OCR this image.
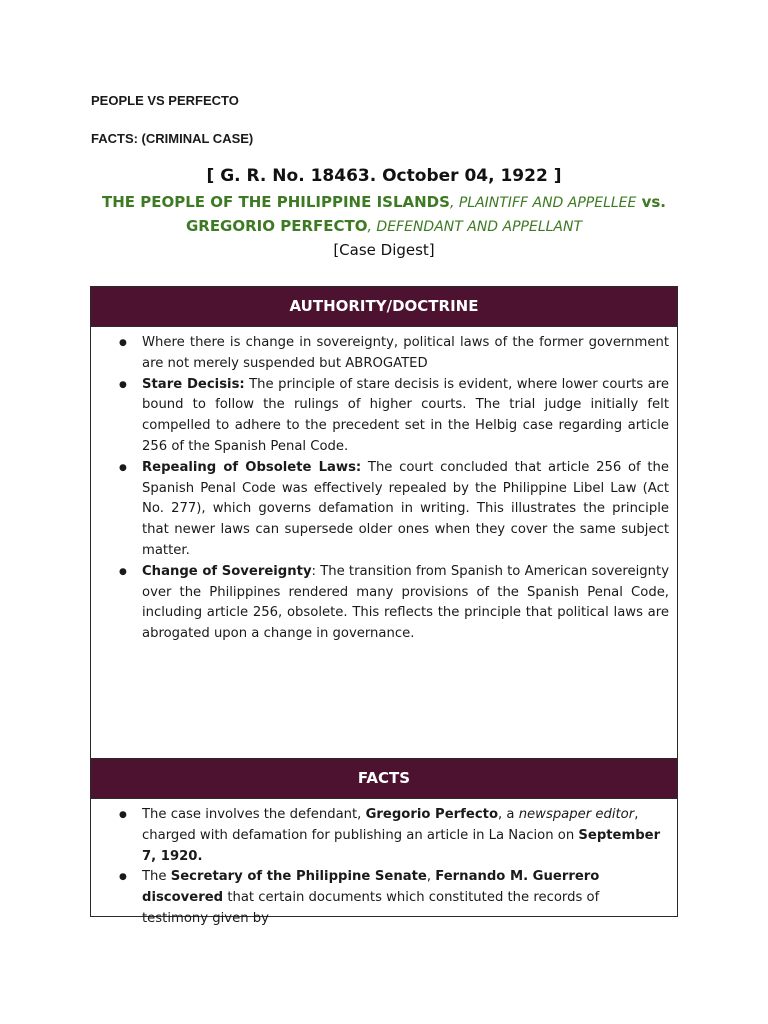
PEOPLE VS PERFECTO
FACTS: (CRIMINAL CASE)
[ G. R. No. 18463. October 04, 1922 ]
THE PEOPLE OF THE PHILIPPINE ISLANDS, PLAINTIFF AND APPELLEE vs.
GREGORIO PERFECTO, DEFENDANT AND APPELLANT
[Case Digest]
AUTHORITY/DOCTRINE
● Where there is change in sovereignty, political laws of the former government are not merely suspended but ABROGATED
● Stare Decisis: The principle of stare decisis is evident, where lower courts are bound to follow the rulings of higher courts. The trial judge initially felt compelled to adhere to the precedent set in the Helbig case regarding article 256 of the Spanish Penal Code.
● Repealing of Obsolete Laws: The court concluded that article 256 of the Spanish Penal Code was effectively repealed by the Philippine Libel Law (Act No. 277), which governs defamation in writing. This illustrates the principle that newer laws can supersede older ones when they cover the same subject matter.
● Change of Sovereignty: The transition from Spanish to American sovereignty over the Philippines rendered many provisions of the Spanish Penal Code, including article 256, obsolete. This reflects the principle that political laws are abrogated upon a change in governance.
FACTS
● The case involves the defendant, Gregorio Perfecto, a newspaper editor, charged with defamation for publishing an article in La Nacion on September 7, 1920.
● The Secretary of the Philippine Senate, Fernando M. Guerrero discovered that certain documents which constituted the records of testimony given by
